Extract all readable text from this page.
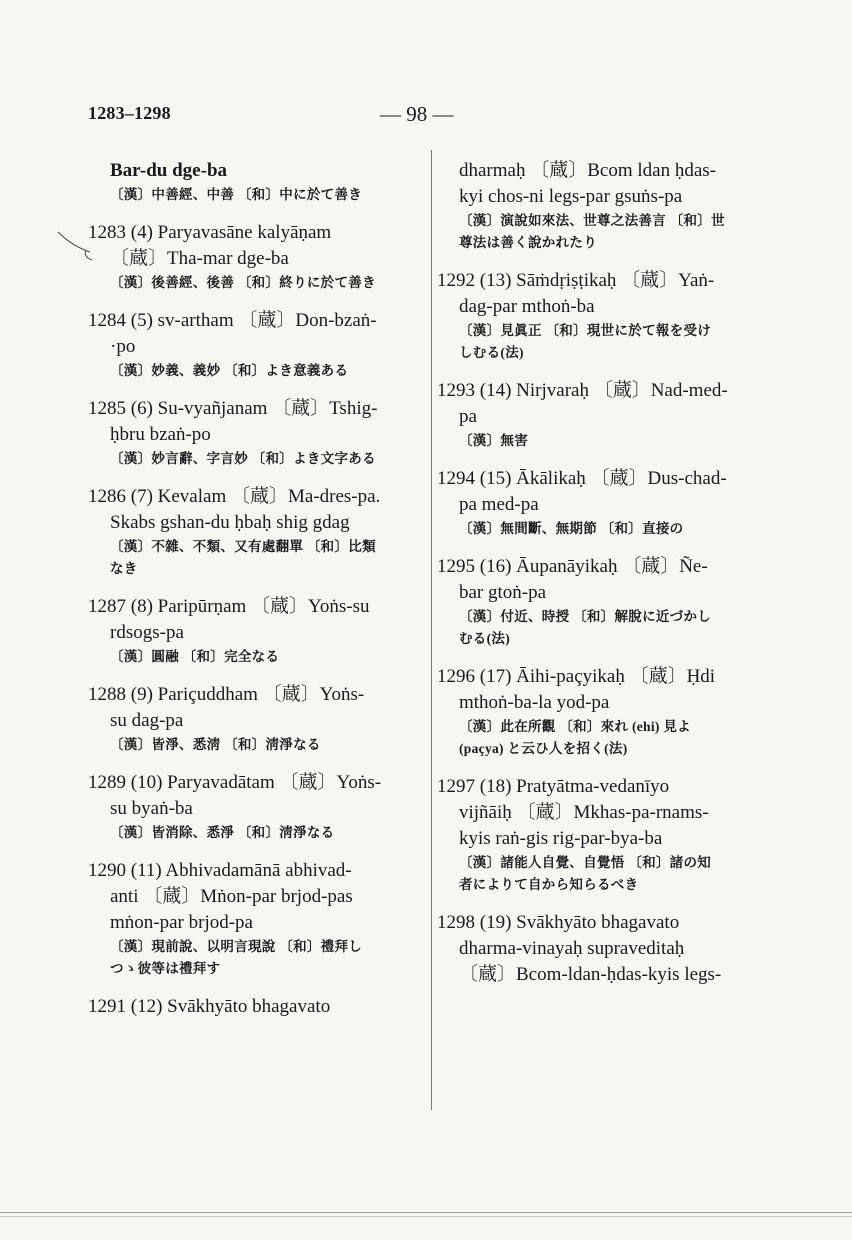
1283–1298	— 98 —
Bar-du dge-ba
〔漢〕中善經、中善 〔和〕中に於て善き
1283 (4) Paryavasāne kalyāṇam
〔蔵〕Tha-mar dge-ba
〔漢〕後善經、後善 〔和〕終りに於て善き
1284 (5) sv-artham 〔蔵〕Don-bzaṅ-
·po
〔漢〕妙義、義妙 〔和〕よき意義ある
1285 (6) Su-vyañjanam 〔蔵〕Tshig-
ḥbru bzaṅ-po
〔漢〕妙言辭、字言妙 〔和〕よき文字ある
1286 (7) Kevalam 〔蔵〕Ma-dres-pa.
Skabs gshan-du ḥbaḥ shig gdag
〔漢〕不雜、不類、又有處翻單 〔和〕比類
なき
1287 (8) Paripūrṇam 〔蔵〕Yoṅs-su
rdsogs-pa
〔漢〕圓融 〔和〕完全なる
1288 (9) Pariçuddham 〔蔵〕Yoṅs-
su dag-pa
〔漢〕皆淨、悉淸 〔和〕淸淨なる
1289 (10) Paryavadātam 〔蔵〕Yoṅs-
su byaṅ-ba
〔漢〕皆消除、悉淨 〔和〕淸淨なる
1290 (11) Abhivadamānā abhivad-
anti 〔蔵〕Mṅon-par brjod-pas
mṅon-par brjod-pa
〔漢〕現前說、以明言現說 〔和〕禮拜し
つゝ彼等は禮拜す
1291 (12) Svākhyāto bhagavato
dharmaḥ 〔蔵〕Bcom ldan ḥdas-
kyi chos-ni legs-par gsuṅs-pa
〔漢〕演說如來法、世尊之法善言 〔和〕世
尊法は善く說かれたり
1292 (13) Sāṁdṛiṣṭikaḥ 〔蔵〕Yaṅ-
dag-par mthoṅ-ba
〔漢〕見眞正 〔和〕現世に於て報を受け
しむる(法)
1293 (14) Nirjvaraḥ 〔蔵〕Nad-med-
pa
〔漢〕無害
1294 (15) Ākālikaḥ 〔蔵〕Dus-chad-
pa med-pa
〔漢〕無間斷、無期節 〔和〕直接の
1295 (16) Āupanāyikaḥ 〔蔵〕Ñe-
bar gtoṅ-pa
〔漢〕付近、時授 〔和〕解脫に近づかし
むる(法)
1296 (17) Āihi-paçyikaḥ 〔蔵〕Ḥdi
mthoṅ-ba-la yod-pa
〔漢〕此在所觀 〔和〕來れ (ehi) 見よ
(paçya) と云ひ人を招く(法)
1297 (18) Pratyātma-vedanīyo
vijñāiḥ 〔蔵〕Mkhas-pa-rnams-
kyis raṅ-gis rig-par-bya-ba
〔漢〕諸能人自覺、自覺悟 〔和〕諸の知
者によりて自から知らるべき
1298 (19) Svākhyāto bhagavato
dharma-vinayaḥ supraveditaḥ
〔蔵〕Bcom-ldan-ḥdas-kyis legs-
